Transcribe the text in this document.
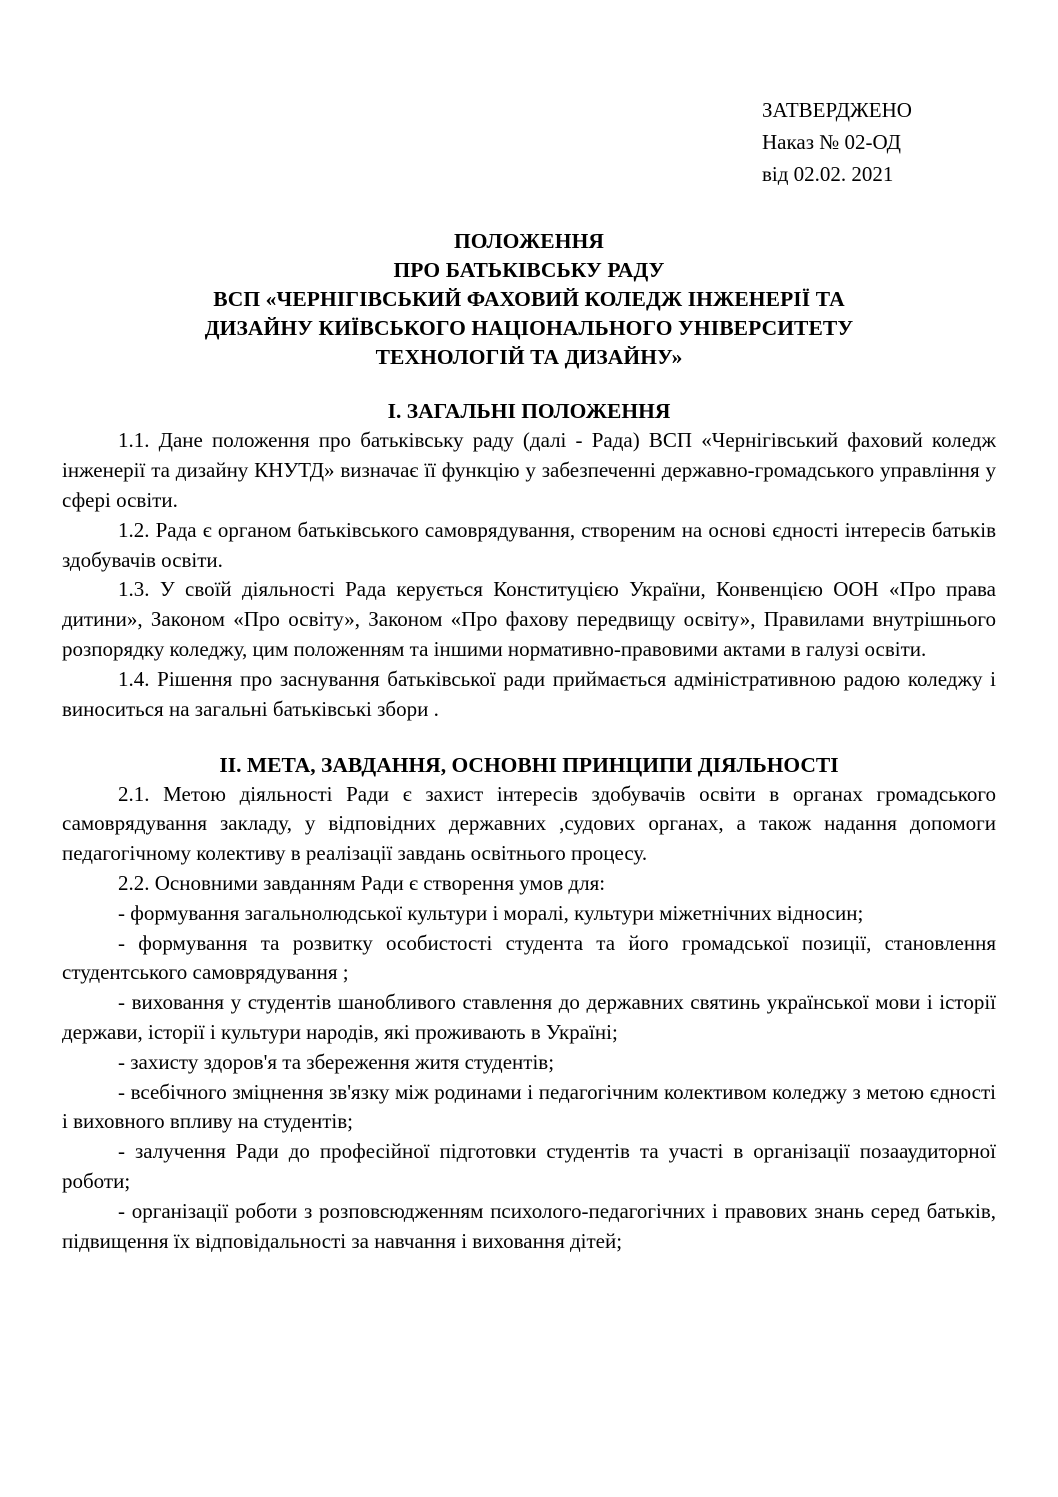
ЗАТВЕРДЖЕНО
Наказ № 02-ОД
від 02.02. 2021
ПОЛОЖЕННЯ
ПРО БАТЬКІВСЬКУ РАДУ
ВСП «ЧЕРНІГІВСЬКИЙ ФАХОВИЙ КОЛЕДЖ ІНЖЕНЕРІЇ ТА
ДИЗАЙНУ КИЇВСЬКОГО НАЦІОНАЛЬНОГО УНІВЕРСИТЕТУ
ТЕХНОЛОГІЙ ТА ДИЗАЙНУ»
I. ЗАГАЛЬНІ ПОЛОЖЕННЯ

1.1. Дане положення про батьківську раду (далі - Рада) ВСП «Чернігівський фаховий коледж інженерії та дизайну КНУТД» визначає її функцію у забезпеченні державно-громадського управління у сфері освіти.

1.2. Рада є органом батьківського самоврядування, створеним на основі єдності інтересів батьків здобувачів освіти.

1.3. У своїй діяльності Рада керується Конституцією України, Конвенцією ООН «Про права дитини», Законом «Про освіту», Законом «Про фахову передвищу освіту», Правилами внутрішнього розпорядку коледжу, цим положенням та іншими нормативно-правовими актами в галузі освіти.

1.4. Рішення про заснування батьківської ради приймається адміністративною радою коледжу і виноситься на загальні батьківські збори .

II. МЕТА, ЗАВДАННЯ, ОСНОВНІ ПРИНЦИПИ ДІЯЛЬНОСТІ

2.1. Метою діяльності Ради є захист інтересів здобувачів освіти в органах громадського самоврядування закладу, у відповідних державних ,судових органах, а також надання допомоги педагогічному колективу в реалізації завдань освітнього процесу.

2.2. Основними завданням Ради є створення умов для:

- формування загальнолюдської культури і моралі, культури міжетнічних відносин;

- формування та розвитку особистості студента та його громадської позиції, становлення студентського самоврядування ;

- виховання у студентів шанобливого ставлення до державних святинь української мови і історії держави, історії і культури народів, які проживають в Україні;

- захисту здоров'я та збереження житя студентів;

- всебічного зміцнення зв'язку між родинами і педагогічним колективом коледжу з метою єдності і виховного впливу на студентів;

- залучення Ради до професійної підготовки студентів та участі в організації позааудиторної роботи;

- організації роботи з розповсюдженням психолого-педагогічних і правових знань серед батьків, підвищення їх відповідальності за навчання і виховання дітей;
